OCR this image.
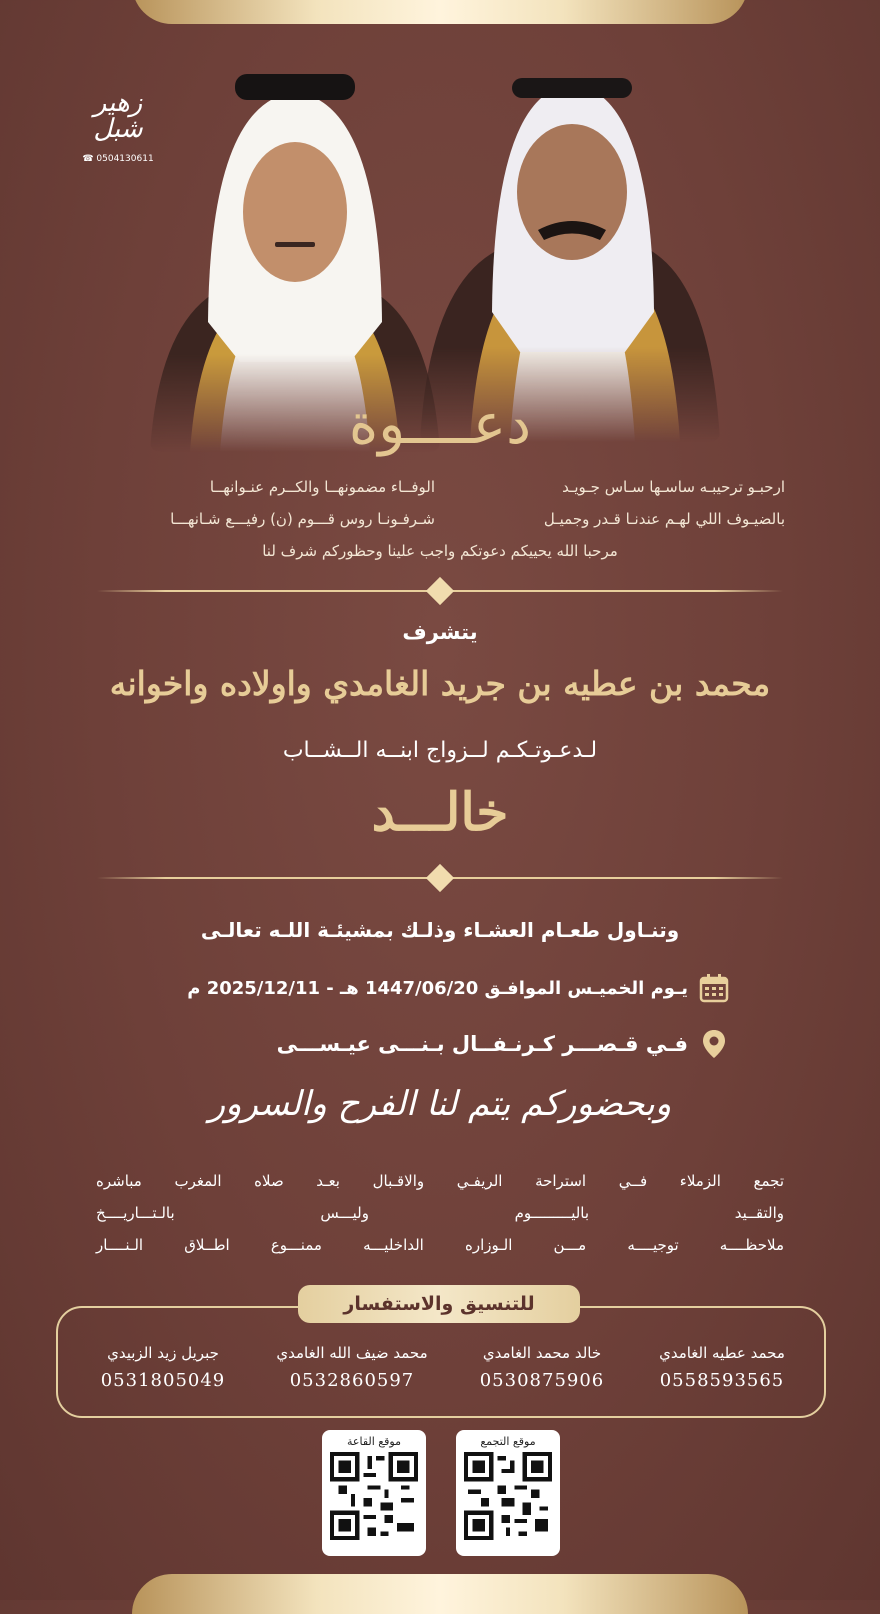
زهير شبل
☎ 0504130611
دعــــوة
ارحبـو ترحيبـه ساسـها سـاس جـويـد
بالضيـوف اللي لهـم عندنـا قـدر وجميـل
الوفــاء مضمونهــا والكــرم عنـوانهــا
شـرفـونـا روس قـــوم (ن) رفيـــع شـانهـــا
مرحبا الله يحييكم دعوتكم واجب علينا وحظوركم شرف لنا
يتشرف
محمد بن عطيه بن جريد الغامدي واولاده واخوانه
لـدعـوتـكـم لــزواج ابنــه الــشــاب
خالـــد
وتنـاول طعـام العشـاء وذلـك بمشيئـة اللـه تعالـى
يـوم الخميـس الموافـق 1447/06/20 هـ - 2025/12/11 م
فـي قـصـــر كـرنـفــال بـنـــى عيـســـى
وبحضوركم يتم لنا الفرح والسرور
تجمع الزملاء فــي استراحة الريفـي والاقـبال بعـد صلاه المغرب مباشره
والتقــيد باليـــــــــوم وليـــس بالـتـــاريــــخ
ملاحظــــه توجيــــه مـــن الـوزاره الداخليـــه ممنـــوع اطــلاق الـنــــار
للتنسيق والاستفسار
محمد عطيه الغامدي
0558593565
خالد محمد الغامدي
0530875906
محمد ضيف الله الغامدي
0532860597
جبريل زيد الزبيدي
0531805049
موقع التجمع
موقع القاعة
